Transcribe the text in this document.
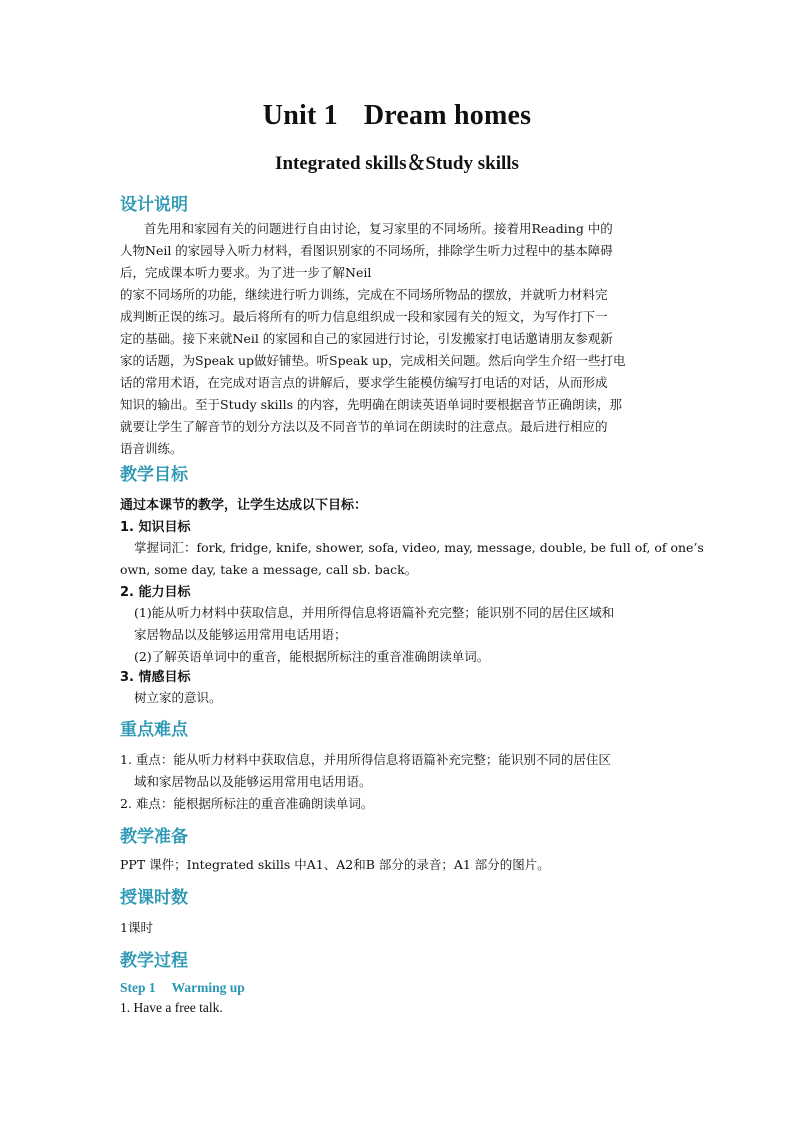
Unit 1 Dream homes
Integrated skills＆Study skills
设计说明
首先用和家园有关的问题进行自由讨论，复习家里的不同场所。接着用Reading 中的
人物Neil 的家园导入听力材料，看图识别家的不同场所，排除学生听力过程中的基本障碍
后，完成课本听力要求。为了进一步了解Neil
的家不同场所的功能，继续进行听力训练，完成在不同场所物品的摆放，并就听力材料完
成判断正误的练习。最后将所有的听力信息组织成一段和家园有关的短文，为写作打下一
定的基础。接下来就Neil 的家园和自己的家园进行讨论，引发搬家打电话邀请朋友参观新
家的话题，为Speak up做好铺垫。听Speak up，完成相关问题。然后向学生介绍一些打电
话的常用术语，在完成对语言点的讲解后，要求学生能模仿编写打电话的对话，从而形成
知识的输出。至于Study skills 的内容，先明确在朗读英语单词时要根据音节正确朗读，那
就要让学生了解音节的划分方法以及不同音节的单词在朗读时的注意点。最后进行相应的
语音训练。
教学目标
通过本课节的教学，让学生达成以下目标：
1. 知识目标
掌握词汇：fork, fridge, knife, shower, sofa, video, may, message, double, be full of, of one’s
own, some day, take a message, call sb. back。
2. 能力目标
(1)能从听力材料中获取信息，并用所得信息将语篇补充完整；能识别不同的居住区域和
家居物品以及能够运用常用电话用语；
(2)了解英语单词中的重音，能根据所标注的重音准确朗读单词。
3. 情感目标
树立家的意识。
重点难点
1. 重点：能从听力材料中获取信息，并用所得信息将语篇补充完整；能识别不同的居住区
域和家居物品以及能够运用常用电话用语。
2. 难点：能根据所标注的重音准确朗读单词。
教学准备
PPT 课件；Integrated skills 中A1、A2和B 部分的录音；A1 部分的图片。
授课时数
1课时
教学过程
Step 1 Warming up
1. Have a free talk.
